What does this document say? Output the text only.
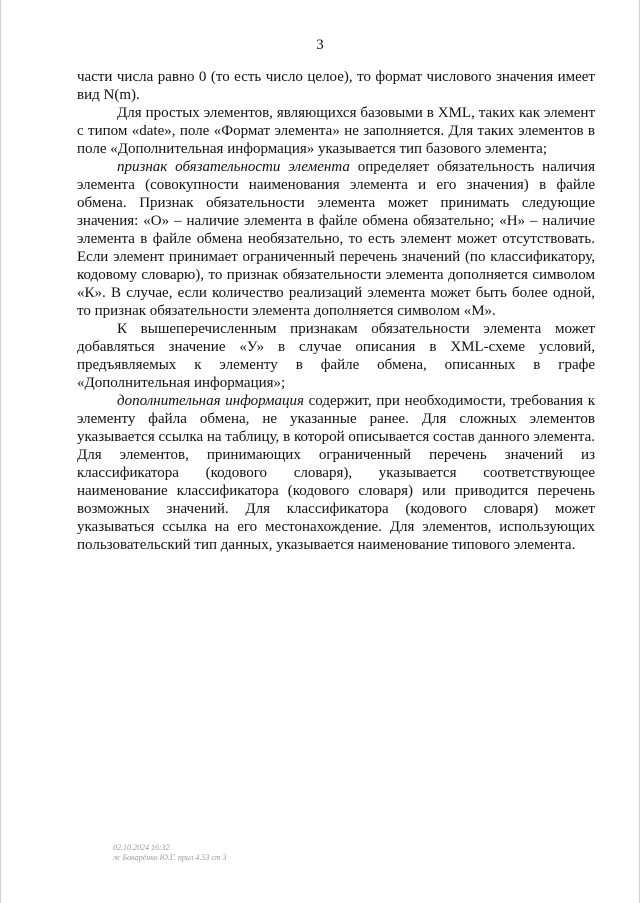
3

части числа равно 0 (то есть число целое), то формат числового значения имеет вид N(m).

Для простых элементов, являющихся базовыми в XML, таких как элемент с типом «date», поле «Формат элемента» не заполняется. Для таких элементов в поле «Дополнительная информация» указывается тип базового элемента;

признак обязательности элемента определяет обязательность наличия элемента (совокупности наименования элемента и его значения) в файле обмена. Признак обязательности элемента может принимать следующие значения: «О» – наличие элемента в файле обмена обязательно; «Н» – наличие элемента в файле обмена необязательно, то есть элемент может отсутствовать. Если элемент принимает ограниченный перечень значений (по классификатору, кодовому словарю), то признак обязательности элемента дополняется символом «К». В случае, если количество реализаций элемента может быть более одной, то признак обязательности элемента дополняется символом «М».

К вышеперечисленным признакам обязательности элемента может добавляться значение «У» в случае описания в XML-схеме условий, предъявляемых к элементу в файле обмена, описанных в графе «Дополнительная информация»;

дополнительная информация содержит, при необходимости, требования к элементу файла обмена, не указанные ранее. Для сложных элементов указывается ссылка на таблицу, в которой описывается состав данного элемента. Для элементов, принимающих ограниченный перечень значений из классификатора (кодового словаря), указывается соответствующее наименование классификатора (кодового словаря) или приводится перечень возможных значений. Для классификатора (кодового словаря) может указываться ссылка на его местонахождение. Для элементов, использующих пользовательский тип данных, указывается наименование типового элемента.

02.10.2024 16:32
ж Бокарёнко Ю.Г. прил 4.53 ст 3
